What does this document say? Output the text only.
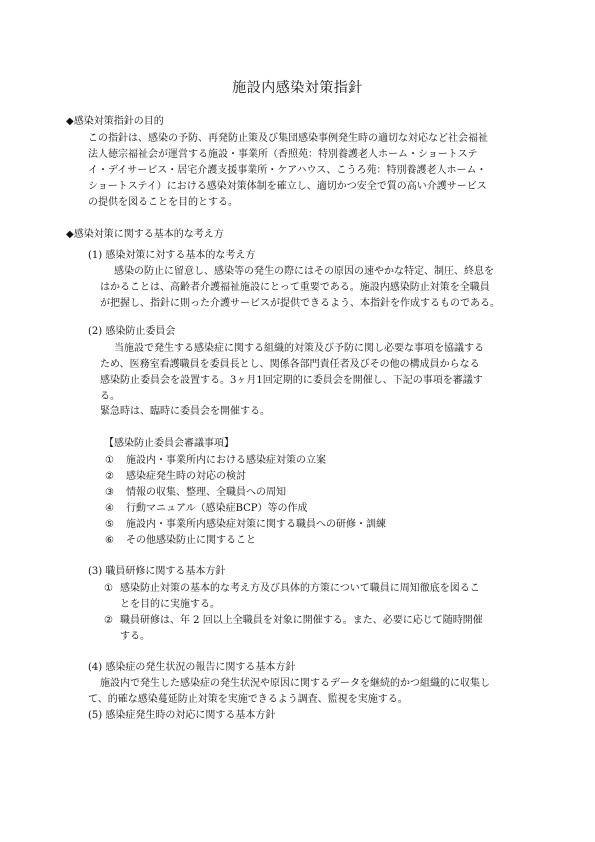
施設内感染対策指針
◆感染対策指針の目的
この指針は、感染の予防、再発防止策及び集団感染事例発生時の適切な対応など社会福祉
法人徳宗福祉会が運営する施設・事業所（香照苑：特別養護老人ホーム・ショートステ
イ・デイサービス・居宅介護支援事業所・ケアハウス、こうろ苑：特別養護老人ホーム・
ショートステイ）における感染対策体制を確立し、適切かつ安全で質の高い介護サービス
の提供を図ることを目的とする。
◆感染対策に関する基本的な考え方
(1) 感染対策に対する基本的な考え方
感染の防止に留意し、感染等の発生の際にはその原因の速やかな特定、制圧、終息を
はかることは、高齢者介護福祉施設にとって重要である。施設内感染防止対策を全職員
が把握し、指針に則った介護サービスが提供できるよう、本指針を作成するものである。
(2) 感染防止委員会
当施設で発生する感染症に関する組織的対策及び予防に関し必要な事項を協議する
ため、医務室看護職員を委員長とし、関係各部門責任者及びその他の構成員からなる
感染防止委員会を設置する。3ヶ月1回定期的に委員会を開催し、下記の事項を審議す
る。
緊急時は、臨時に委員会を開催する。
【感染防止委員会審議事項】
① 施設内・事業所内における感染症対策の立案
② 感染症発生時の対応の検討
③ 情報の収集、整理、全職員への周知
④ 行動マニュアル（感染症BCP）等の作成
⑤ 施設内・事業所内感染症対策に関する職員への研修・訓練
⑥ その他感染防止に関すること
(3) 職員研修に関する基本方針
① 感染防止対策の基本的な考え方及び具体的方策について職員に周知徹底を図るこ
とを目的に実施する。
② 職員研修は、年 2 回以上全職員を対象に開催する。また、必要に応じて随時開催
する。
(4) 感染症の発生状況の報告に関する基本方針
施設内で発生した感染症の発生状況や原因に関するデータを継続的かつ組織的に収集し
て、的確な感染蔓延防止対策を実施できるよう調査、監視を実施する。
(5) 感染症発生時の対応に関する基本方針
